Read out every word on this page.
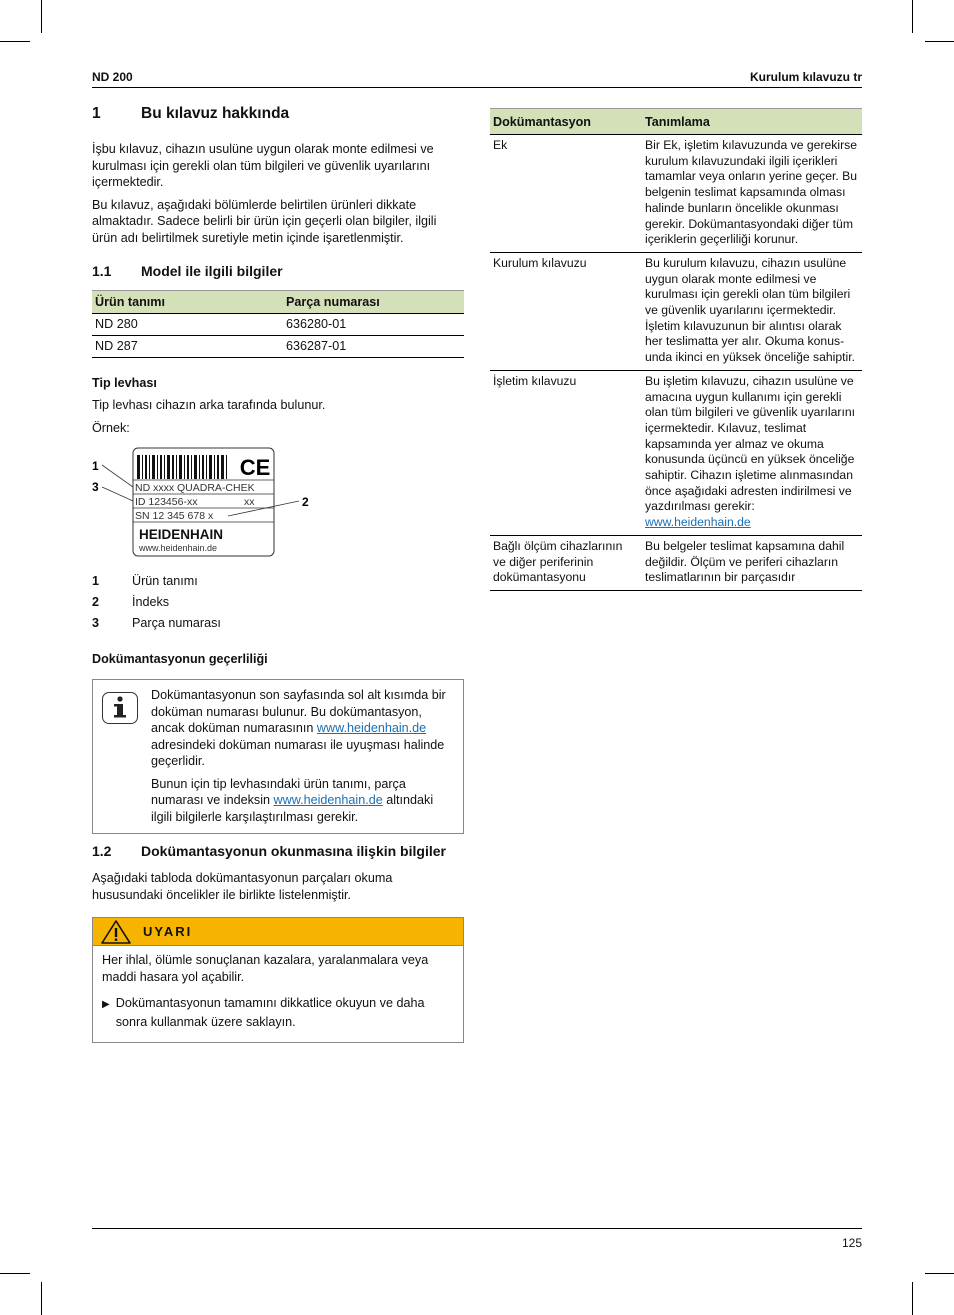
ND 200	Kurulum kılavuzu tr
1	Bu kılavuz hakkında

İşbu kılavuz, cihazın usulüne uygun olarak monte edilmesi ve kurulması için gerekli olan tüm bilgileri ve güvenlik uyarılarını içermektedir.

Bu kılavuz, aşağıdaki bölümlerde belirtilen ürünleri dikkate almaktadır. Sadece belirli bir ürün için geçerli olan bilgiler, ilgili ürün adı belirtilmek suretiyle metin içinde işaretlenmiştir.

1.1	Model ile ilgili bilgiler
Ürün tanımı	Parça numarası
ND 280	636280-01
ND 287	636287-01

Tip levhası

Tip levhası cihazın arka tarafında bulunur.

Örnek:

CE
ND xxxx QUADRA-CHEK
ID 123456-xx	xx
SN 12 345 678 x
HEIDENHAIN
www.heidenhain.de
1
3
2
1	Ürün tanımı
2	İndeks
3	Parça numarası

Dokümantasyonun geçerliliği

Dokümantasyonun son sayfasında sol alt kısımda bir doküman numarası bulunur. Bu dokümantasyon, ancak doküman numarasının www.heidenhain.de adresindeki doküman numarası ile uyuşması halinde geçerlidir.

Bunun için tip levhasındaki ürün tanımı, parça numarası ve indeksin www.heidenhain.de altındaki ilgili bilgilerle karşılaştırılması gerekir.

1.2	Dokümantasyonun okunmasına ilişkin bilgiler

Aşağıdaki tabloda dokümantasyonun parçaları okuma hususundaki öncelikler ile birlikte listelenmiştir.

UYARI

Her ihlal, ölümle sonuçlanan kazalara, yaralanmalara veya maddi hasara yol açabilir.

▶ Dokümantasyonun tamamını dikkatlice okuyun ve daha sonra kullanmak üzere saklayın.
Dokümantasyon	Tanımlama
Ek	Bir Ek, işletim kılavuzunda ve gerekirse kurulum kılavuzundaki ilgili içerikleri tamamlar veya onların yerine geçer. Bu belgenin teslimat kapsamında olması halinde bunların öncelikle okunması gerekir. Dokümantasyondaki diğer tüm içeriklerin geçerliliği korunur.
Kurulum kılavuzu	Bu kurulum kılavuzu, cihazın usulüne uygun olarak monte edilmesi ve kurulması için gerekli olan tüm bilgileri ve güvenlik uyarılarını içermektedir. İşletim kılavuzunun bir alıntısı olarak her teslimatta yer alır. Okuma konusunda ikinci en yüksek önceliğe sahiptir.
İşletim kılavuzu	Bu işletim kılavuzu, cihazın usulüne ve amacına uygun kullanımı için gerekli olan tüm bilgileri ve güvenlik uyarılarını içermektedir. Kılavuz, teslimat kapsamında yer almaz ve okuma konusunda üçüncü en yüksek önceliğe sahiptir. Cihazın işletime alınmasından önce aşağıdaki adresten indirilmesi ve yazdırılması gerekir: www.heidenhain.de
Bağlı ölçüm cihazlarının ve diğer periferinin dokümantasyonu	Bu belgeler teslimat kapsamına dahil değildir. Ölçüm ve periferi cihazların teslimatlarının bir parçasıdır
125
